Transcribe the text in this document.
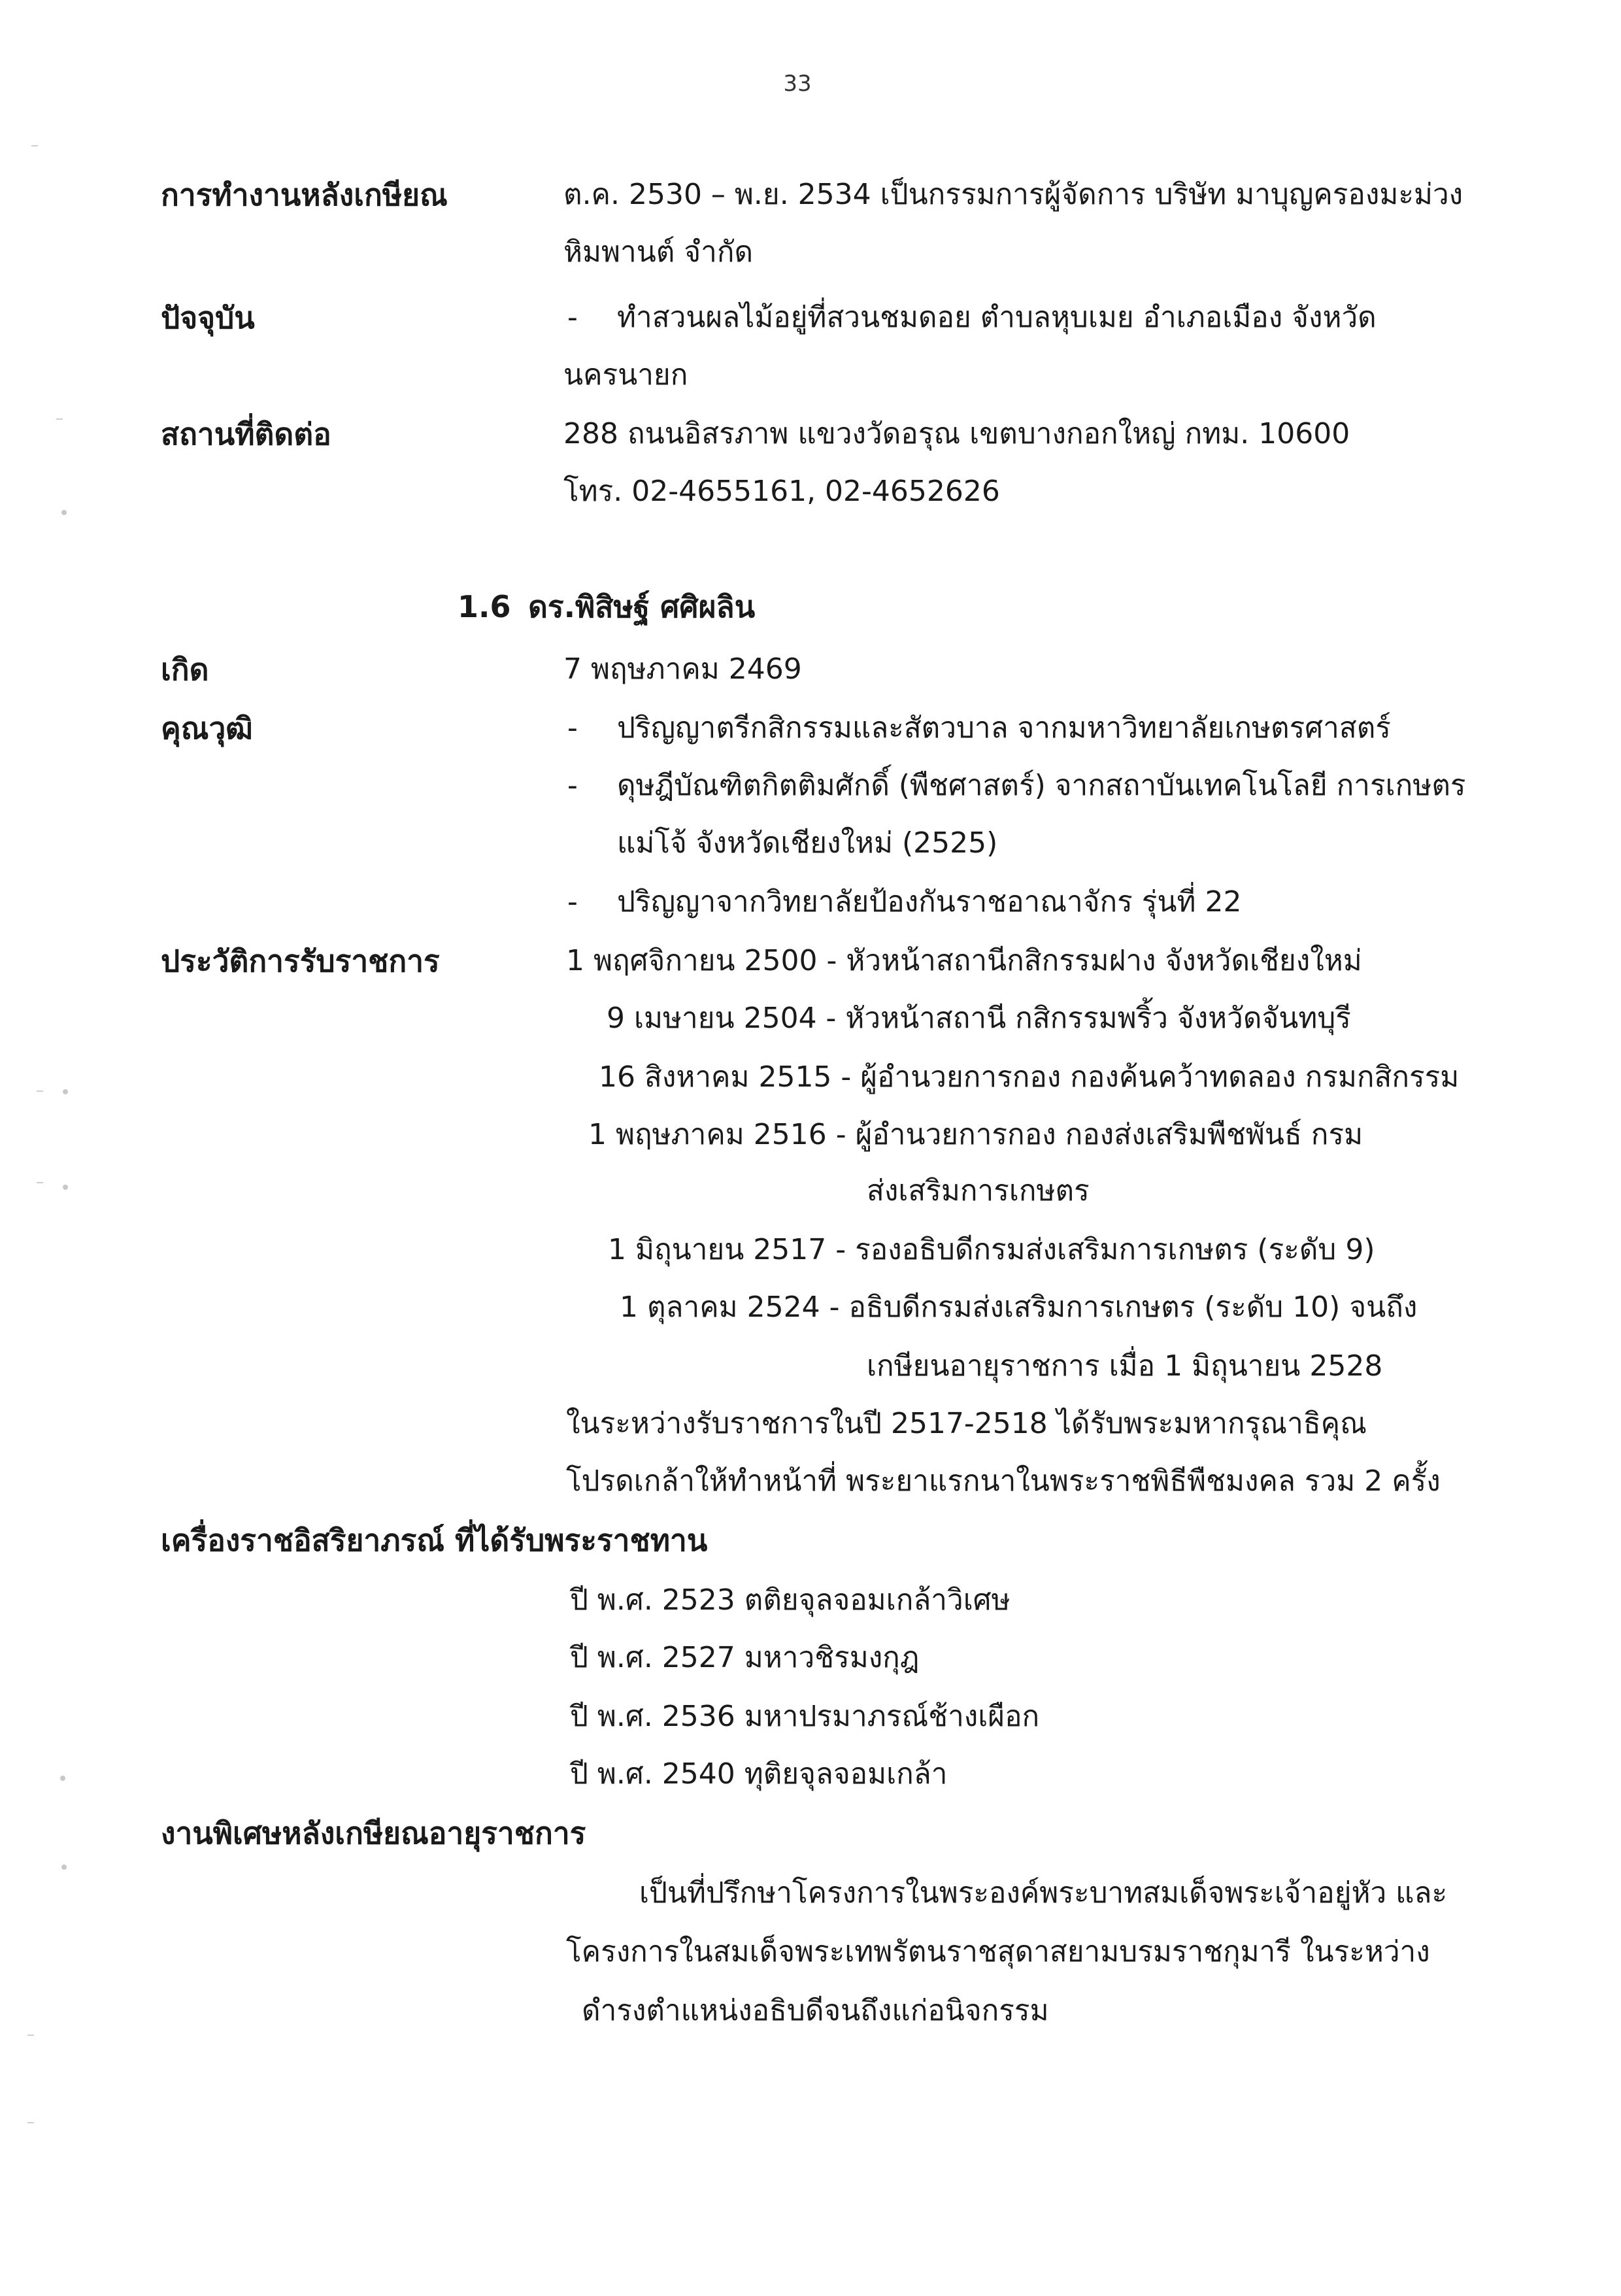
33
การทำงานหลังเกษียณ	ต.ค. 2530 – พ.ย. 2534 เป็นกรรมการผู้จัดการ บริษัท มาบุญครองมะม่วง
หิมพานต์ จำกัด
ปัจจุบัน	- ทำสวนผลไม้อยู่ที่สวนชมดอย ตำบลหุบเมย อำเภอเมือง จังหวัด
นครนายก
สถานที่ติดต่อ	288 ถนนอิสรภาพ แขวงวัดอรุณ เขตบางกอกใหญ่ กทม. 10600
โทร. 02-4655161, 02-4652626
1.6 ดร.พิสิษฐ์ ศศิผลิน
เกิด	7 พฤษภาคม 2469
คุณวุฒิ	- ปริญญาตรีกสิกรรมและสัตวบาล จากมหาวิทยาลัยเกษตรศาสตร์
- ดุษฎีบัณฑิตกิตติมศักดิ์ (พืชศาสตร์) จากสถาบันเทคโนโลยี การเกษตร
แม่โจ้ จังหวัดเชียงใหม่ (2525)
- ปริญญาจากวิทยาลัยป้องกันราชอาณาจักร รุ่นที่ 22
ประวัติการรับราชการ	1 พฤศจิกายน 2500 - หัวหน้าสถานีกสิกรรมฝาง จังหวัดเชียงใหม่
9 เมษายน 2504 - หัวหน้าสถานี กสิกรรมพริ้ว จังหวัดจันทบุรี
16 สิงหาคม 2515 - ผู้อำนวยการกอง กองค้นคว้าทดลอง กรมกสิกรรม
1 พฤษภาคม 2516 - ผู้อำนวยการกอง กองส่งเสริมพืชพันธ์ กรม
ส่งเสริมการเกษตร
1 มิถุนายน 2517 - รองอธิบดีกรมส่งเสริมการเกษตร (ระดับ 9)
1 ตุลาคม 2524 - อธิบดีกรมส่งเสริมการเกษตร (ระดับ 10) จนถึง
เกษียนอายุราชการ เมื่อ 1 มิถุนายน 2528
ในระหว่างรับราชการในปี 2517-2518 ได้รับพระมหากรุณาธิคุณ
โปรดเกล้าให้ทำหน้าที่ พระยาแรกนาในพระราชพิธีพืชมงคล รวม 2 ครั้ง
เครื่องราชอิสริยาภรณ์ ที่ได้รับพระราชทาน
ปี พ.ศ. 2523 ตติยจุลจอมเกล้าวิเศษ
ปี พ.ศ. 2527 มหาวชิรมงกุฎ
ปี พ.ศ. 2536 มหาปรมาภรณ์ช้างเผือก
ปี พ.ศ. 2540 ทุติยจุลจอมเกล้า
งานพิเศษหลังเกษียณอายุราชการ
เป็นที่ปรึกษาโครงการในพระองค์พระบาทสมเด็จพระเจ้าอยู่หัว และ
โครงการในสมเด็จพระเทพรัตนราชสุดาสยามบรมราชกุมารี ในระหว่าง
ดำรงตำแหน่งอธิบดีจนถึงแก่อนิจกรรม
